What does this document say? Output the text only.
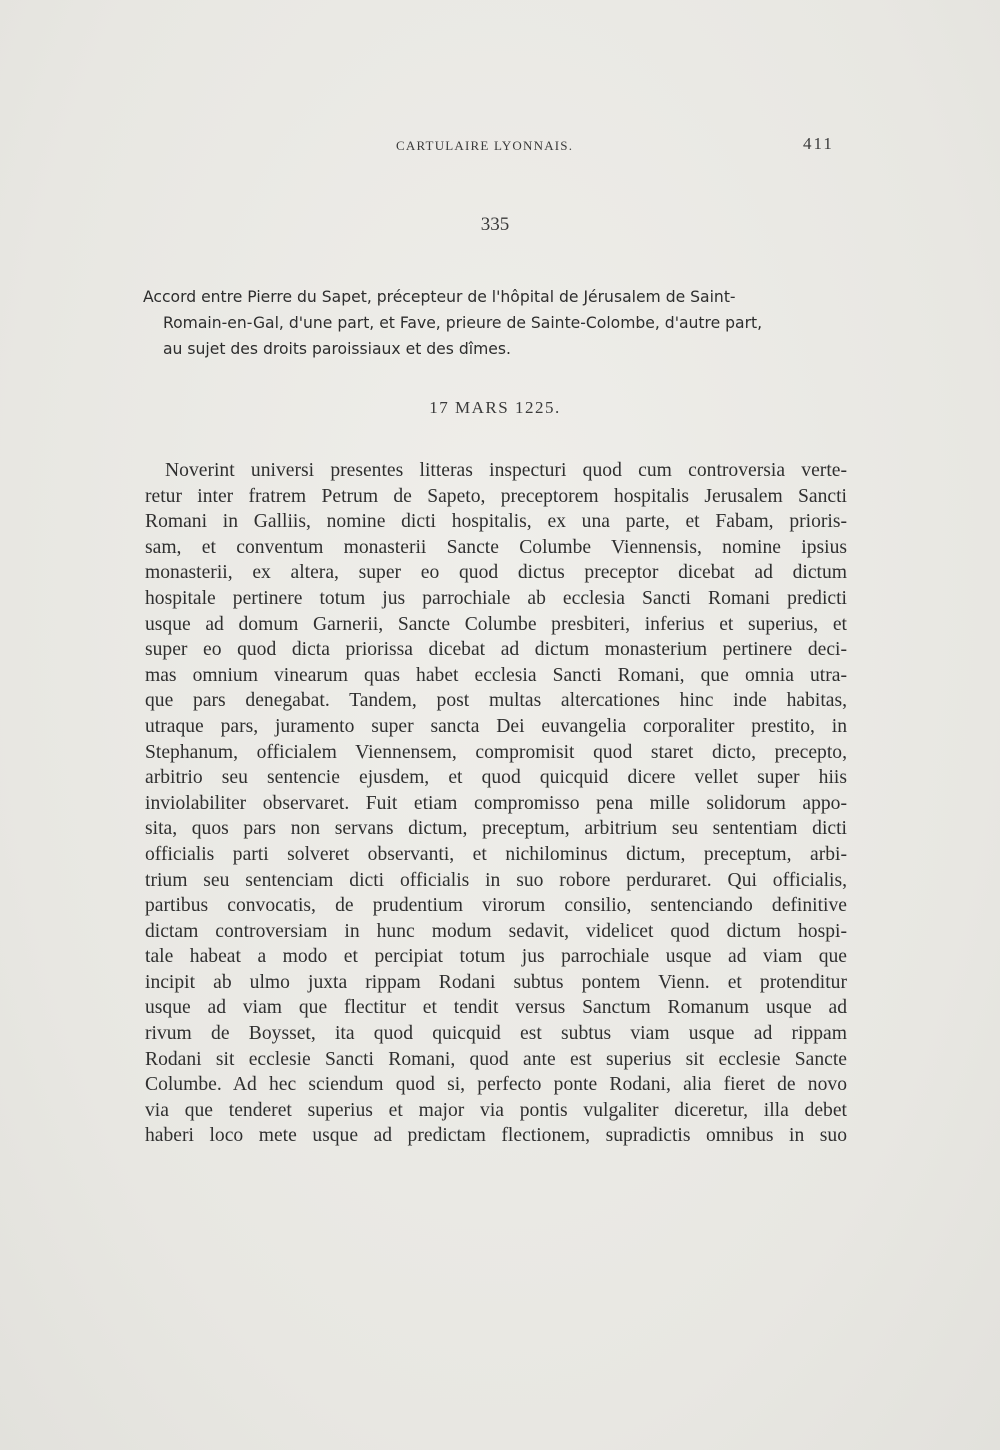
CARTULAIRE LYONNAIS.	411
335
Accord entre Pierre du Sapet, précepteur de l'hôpital de Jérusalem de Saint-
Romain-en-Gal, d'une part, et Fave, prieure de Sainte-Colombe, d'autre part,
au sujet des droits paroissiaux et des dîmes.
17 MARS 1225.
Noverint universi presentes litteras inspecturi quod cum controversia verte-
retur inter fratrem Petrum de Sapeto, preceptorem hospitalis Jerusalem Sancti
Romani in Galliis, nomine dicti hospitalis, ex una parte, et Fabam, prioris-
sam, et conventum monasterii Sancte Columbe Viennensis, nomine ipsius
monasterii, ex altera, super eo quod dictus preceptor dicebat ad dictum
hospitale pertinere totum jus parrochiale ab ecclesia Sancti Romani predicti
usque ad domum Garnerii, Sancte Columbe presbiteri, inferius et superius, et
super eo quod dicta priorissa dicebat ad dictum monasterium pertinere deci-
mas omnium vinearum quas habet ecclesia Sancti Romani, que omnia utra-
que pars denegabat. Tandem, post multas altercationes hinc inde habitas,
utraque pars, juramento super sancta Dei euvangelia corporaliter prestito, in
Stephanum, officialem Viennensem, compromisit quod staret dicto, precepto,
arbitrio seu sentencie ejusdem, et quod quicquid dicere vellet super hiis
inviolabiliter observaret. Fuit etiam compromisso pena mille solidorum appo-
sita, quos pars non servans dictum, preceptum, arbitrium seu sententiam dicti
officialis parti solveret observanti, et nichilominus dictum, preceptum, arbi-
trium seu sentenciam dicti officialis in suo robore perduraret. Qui officialis,
partibus convocatis, de prudentium virorum consilio, sentenciando definitive
dictam controversiam in hunc modum sedavit, videlicet quod dictum hospi-
tale habeat a modo et percipiat totum jus parrochiale usque ad viam que
incipit ab ulmo juxta rippam Rodani subtus pontem Vienn. et protenditur
usque ad viam que flectitur et tendit versus Sanctum Romanum usque ad
rivum de Boysset, ita quod quicquid est subtus viam usque ad rippam
Rodani sit ecclesie Sancti Romani, quod ante est superius sit ecclesie Sancte
Columbe. Ad hec sciendum quod si, perfecto ponte Rodani, alia fieret de novo
via que tenderet superius et major via pontis vulgaliter diceretur, illa debet
haberi loco mete usque ad predictam flectionem, supradictis omnibus in suo
